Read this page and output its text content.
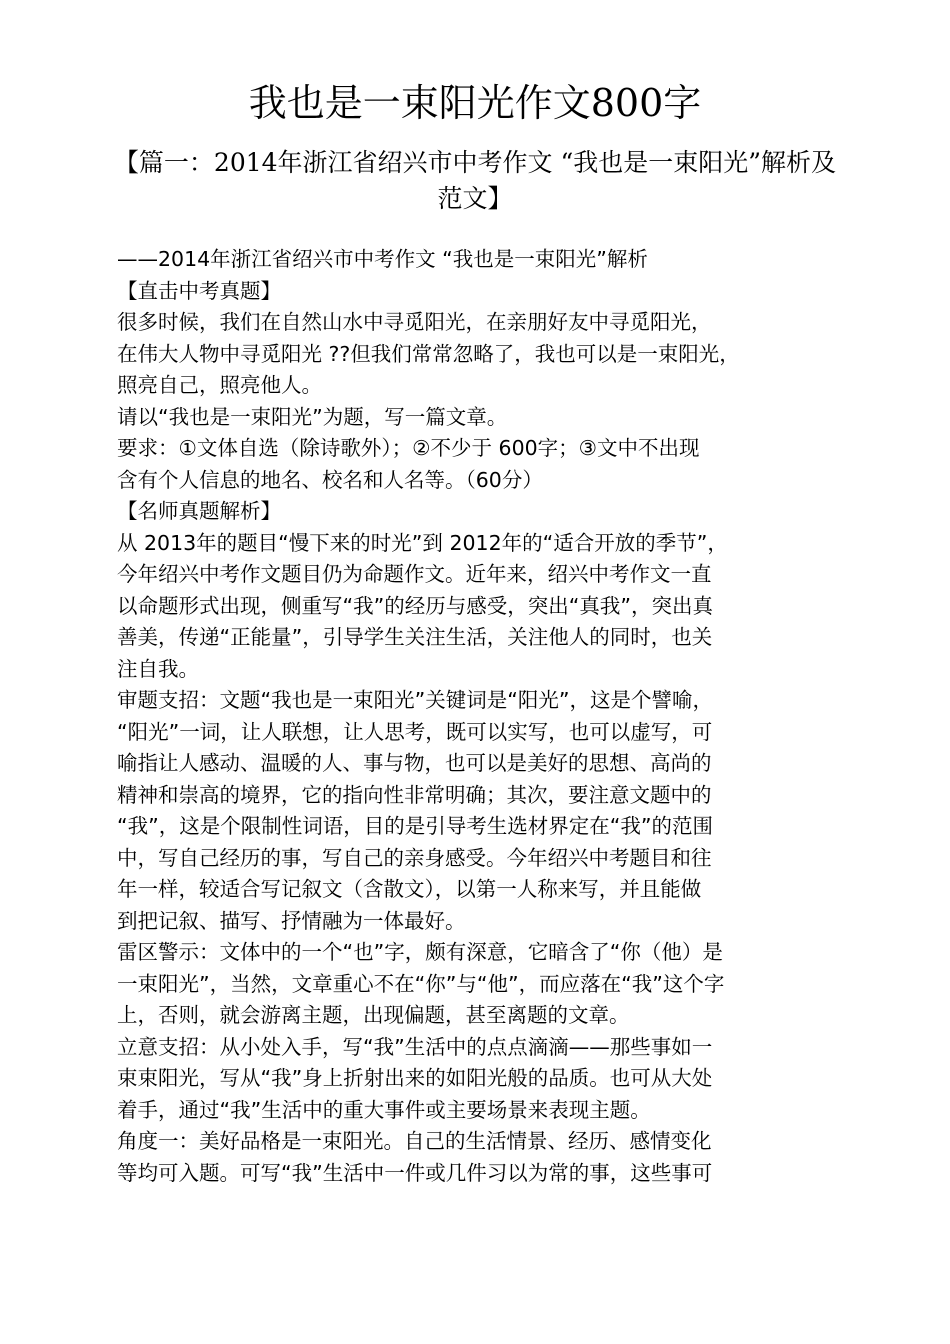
我也是一束阳光作文800字
【篇一：2014年浙江省绍兴市中考作文 “我也是一束阳光”解析及范文】
——2014年浙江省绍兴市中考作文 “我也是一束阳光”解析
【直击中考真题】
很多时候，我们在自然山水中寻觅阳光，在亲朋好友中寻觅阳光，
在伟大人物中寻觅阳光 ??但我们常常忽略了，我也可以是一束阳光，
照亮自己，照亮他人。
请以“我也是一束阳光”为题，写一篇文章。
要求：①文体自选（除诗歌外）；②不少于 600字；③文中不出现
含有个人信息的地名、校名和人名等。（60分）
【名师真题解析】
从 2013年的题目“慢下来的时光”到 2012年的“适合开放的季节”，
今年绍兴中考作文题目仍为命题作文。近年来，绍兴中考作文一直
以命题形式出现，侧重写“我”的经历与感受，突出“真我”，突出真
善美，传递“正能量”，引导学生关注生活，关注他人的同时，也关
注自我。
审题支招：文题“我也是一束阳光”关键词是“阳光”，这是个譬喻，
“阳光”一词，让人联想，让人思考，既可以实写，也可以虚写，可
喻指让人感动、温暖的人、事与物，也可以是美好的思想、高尚的
精神和崇高的境界，它的指向性非常明确；其次，要注意文题中的
“我”，这是个限制性词语，目的是引导考生选材界定在“我”的范围
中，写自己经历的事，写自己的亲身感受。今年绍兴中考题目和往
年一样，较适合写记叙文（含散文），以第一人称来写，并且能做
到把记叙、描写、抒情融为一体最好。
雷区警示：文体中的一个“也”字，颇有深意，它暗含了“你（他）是
一束阳光”，当然，文章重心不在“你”与“他”，而应落在“我”这个字
上，否则，就会游离主题，出现偏题，甚至离题的文章。
立意支招：从小处入手，写“我”生活中的点点滴滴——那些事如一
束束阳光，写从“我”身上折射出来的如阳光般的品质。也可从大处
着手，通过“我”生活中的重大事件或主要场景来表现主题。
角度一：美好品格是一束阳光。自己的生活情景、经历、感情变化
等均可入题。可写“我”生活中一件或几件习以为常的事，这些事可
